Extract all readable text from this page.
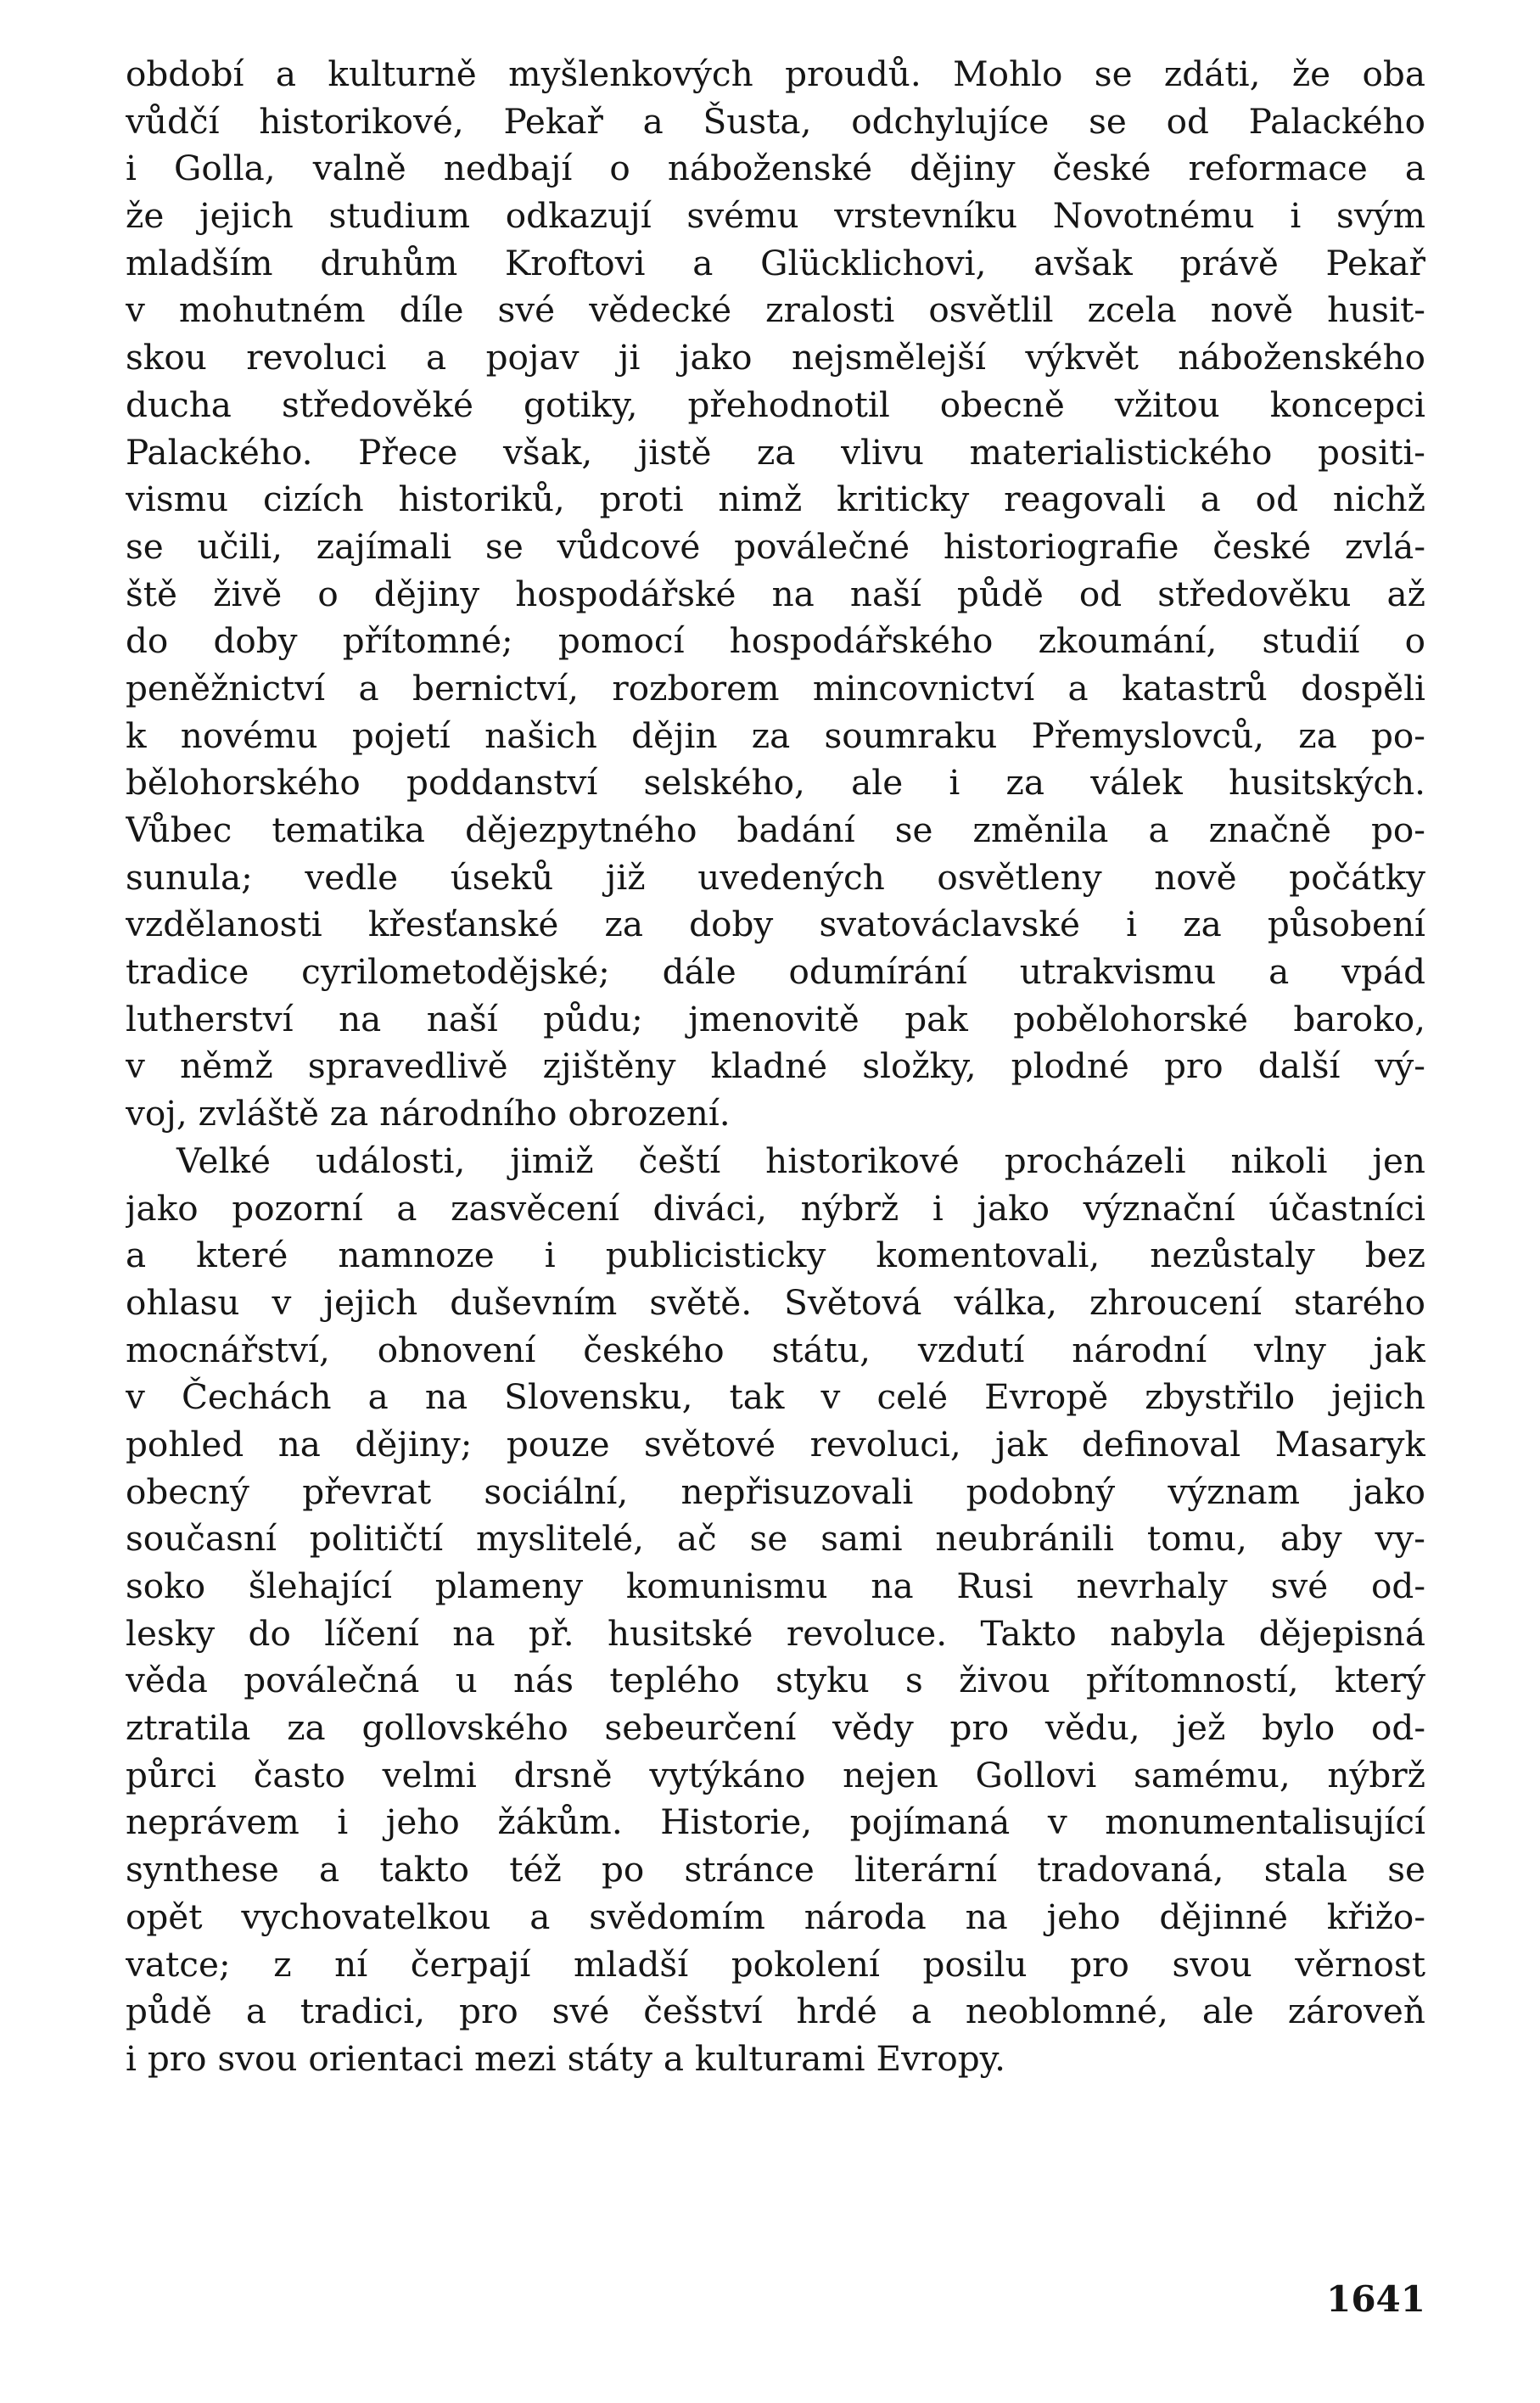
období a kulturně myšlenkových proudů. Mohlo se zdáti, že oba
vůdčí historikové, Pekař a Šusta, odchylujíce se od Palackého
i Golla, valně nedbají o náboženské dějiny české reformace a
že jejich studium odkazují svému vrstevníku Novotnému i svým
mladším druhům Kroftovi a Glücklichovi, avšak právě Pekař
v mohutném díle své vědecké zralosti osvětlil zcela nově husit-
skou revoluci a pojav ji jako nejsmělejší výkvět náboženského
ducha středověké gotiky, přehodnotil obecně vžitou koncepci
Palackého. Přece však, jistě za vlivu materialistického positi-
vismu cizích historiků, proti nimž kriticky reagovali a od nichž
se učili, zajímali se vůdcové poválečné historiografie české zvlá-
ště živě o dějiny hospodářské na naší půdě od středověku až
do doby přítomné; pomocí hospodářského zkoumání, studií o
peněžnictví a bernictví, rozborem mincovnictví a katastrů dospěli
k novému pojetí našich dějin za soumraku Přemyslovců, za po-
bělohorského poddanství selského, ale i za válek husitských.
Vůbec tematika dějezpytného badání se změnila a značně po-
sunula; vedle úseků již uvedených osvětleny nově počátky
vzdělanosti křesťanské za doby svatováclavské i za působení
tradice cyrilometodějské; dále odumírání utrakvismu a vpád
lutherství na naší půdu; jmenovitě pak pobělohorské baroko,
v němž spravedlivě zjištěny kladné složky, plodné pro další vý-
voj, zvláště za národního obrození.
Velké události, jimiž čeští historikové procházeli nikoli jen
jako pozorní a zasvěcení diváci, nýbrž i jako význační účastníci
a které namnoze i publicisticky komentovali, nezůstaly bez
ohlasu v jejich duševním světě. Světová válka, zhroucení starého
mocnářství, obnovení českého státu, vzdutí národní vlny jak
v Čechách a na Slovensku, tak v celé Evropě zbystřilo jejich
pohled na dějiny; pouze světové revoluci, jak definoval Masaryk
obecný převrat sociální, nepřisuzovali podobný význam jako
současní političtí myslitelé, ač se sami neubránili tomu, aby vy-
soko šlehající plameny komunismu na Rusi nevrhaly své od-
lesky do líčení na př. husitské revoluce. Takto nabyla dějepisná
věda poválečná u nás teplého styku s živou přítomností, který
ztratila za gollovského sebeurčení vědy pro vědu, jež bylo od-
půrci často velmi drsně vytýkáno nejen Gollovi samému, nýbrž
neprávem i jeho žákům. Historie, pojímaná v monumentalisující
synthese a takto též po stránce literární tradovaná, stala se
opět vychovatelkou a svědomím národa na jeho dějinné křižo-
vatce; z ní čerpají mladší pokolení posilu pro svou věrnost
půdě a tradici, pro své češství hrdé a neoblomné, ale zároveň
i pro svou orientaci mezi státy a kulturami Evropy.
1641
